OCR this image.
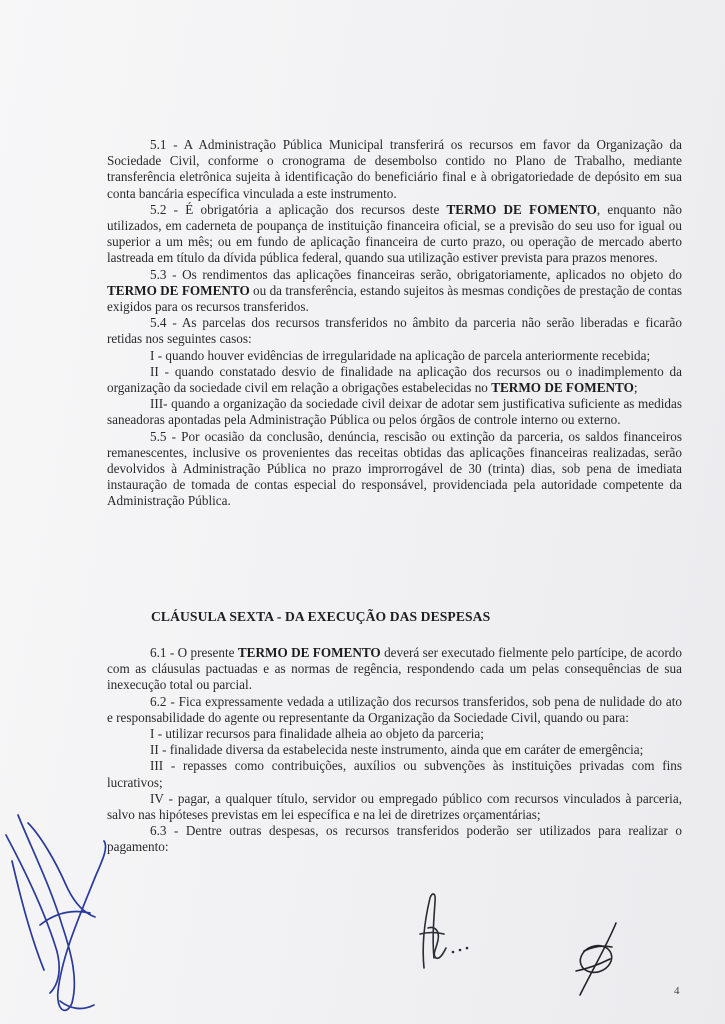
5.1 - A Administração Pública Municipal transferirá os recursos em favor da Organização da Sociedade Civil, conforme o cronograma de desembolso contido no Plano de Trabalho, mediante transferência eletrônica sujeita à identificação do beneficiário final e à obrigatoriedade de depósito em sua conta bancária específica vinculada a este instrumento.

5.2 - É obrigatória a aplicação dos recursos deste TERMO DE FOMENTO, enquanto não utilizados, em caderneta de poupança de instituição financeira oficial, se a previsão do seu uso for igual ou superior a um mês; ou em fundo de aplicação financeira de curto prazo, ou operação de mercado aberto lastreada em título da dívida pública federal, quando sua utilização estiver prevista para prazos menores.

5.3 - Os rendimentos das aplicações financeiras serão, obrigatoriamente, aplicados no objeto do TERMO DE FOMENTO ou da transferência, estando sujeitos às mesmas condições de prestação de contas exigidos para os recursos transferidos.

5.4 - As parcelas dos recursos transferidos no âmbito da parceria não serão liberadas e ficarão retidas nos seguintes casos:

I - quando houver evidências de irregularidade na aplicação de parcela anteriormente recebida;

II - quando constatado desvio de finalidade na aplicação dos recursos ou o inadimplemento da organização da sociedade civil em relação a obrigações estabelecidas no TERMO DE FOMENTO;

III- quando a organização da sociedade civil deixar de adotar sem justificativa suficiente as medidas saneadoras apontadas pela Administração Pública ou pelos órgãos de controle interno ou externo.

5.5 - Por ocasião da conclusão, denúncia, rescisão ou extinção da parceria, os saldos financeiros remanescentes, inclusive os provenientes das receitas obtidas das aplicações financeiras realizadas, serão devolvidos à Administração Pública no prazo improrrogável de 30 (trinta) dias, sob pena de imediata instauração de tomada de contas especial do responsável, providenciada pela autoridade competente da Administração Pública.

CLÁUSULA SEXTA - DA EXECUÇÃO DAS DESPESAS

6.1 - O presente TERMO DE FOMENTO deverá ser executado fielmente pelo partícipe, de acordo com as cláusulas pactuadas e as normas de regência, respondendo cada um pelas consequências de sua inexecução total ou parcial.

6.2 - Fica expressamente vedada a utilização dos recursos transferidos, sob pena de nulidade do ato e responsabilidade do agente ou representante da Organização da Sociedade Civil, quando ou para:

I - utilizar recursos para finalidade alheia ao objeto da parceria;

II - finalidade diversa da estabelecida neste instrumento, ainda que em caráter de emergência;

III - repasses como contribuições, auxílios ou subvenções às instituições privadas com fins lucrativos;

IV - pagar, a qualquer título, servidor ou empregado público com recursos vinculados à parceria, salvo nas hipóteses previstas em lei específica e na lei de diretrizes orçamentárias;

6.3 - Dentre outras despesas, os recursos transferidos poderão ser utilizados para realizar o pagamento:

4
